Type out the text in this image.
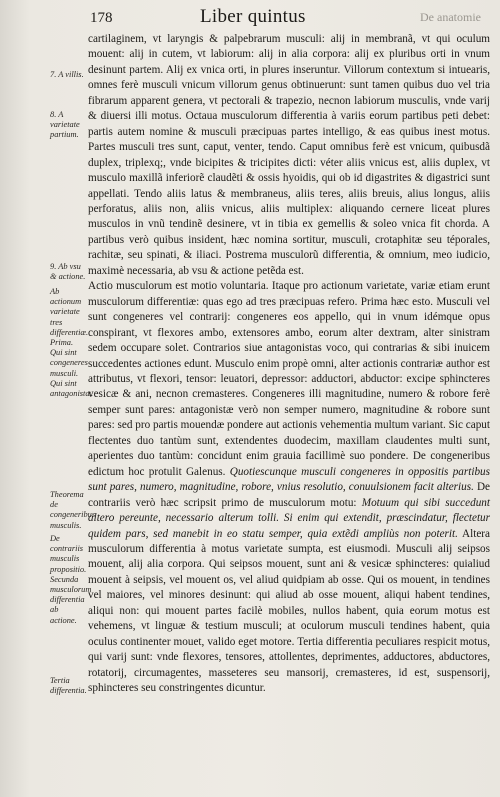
178	Liber quintus	De anatomie
7. A villis.
8. A varietate partium.
9. Ab vsu & actione.
Ab actionum varietate tres differentiæ. Prima. Qui sint congeneres musculi. Qui sint antagonistæ.
Theorema de congeneribus musculis.
De contrariis musculis propositio. Secunda musculorum differentia ab actione.
Tertia differentia.

cartilaginem, vt laryngis & palpebrarum musculi: alij in membranã, vt qui oculum mouent: alij in cutem, vt labiorum: alij in alia corpora: alij ex pluribus orti in vnum desinunt partem. Alij ex vnica orti, in plures inseruntur. Villorum contextum si intuearis, omnes ferè musculi vnicum villorum genus obtinuerunt: sunt tamen quibus duo vel tria fibrarum apparent genera, vt pectorali & trapezio, necnon labiorum musculis, vnde varij & diuersi illi motus. Octaua musculorum differentia à variis eorum partibus peti debet: partis autem nomine & musculi præcipuas partes intelligo, & eas quibus inest motus. Partes musculi tres sunt, caput, venter, tendo. Caput omnibus ferè est vnicum, quibusdã duplex, triplexq;, vnde bicipites & tricipites dicti: véter aliis vnicus est, aliis duplex, vt musculo maxillã inferiorẽ claudẽti & ossis hyoidis, qui ob id digastrites & digastrici sunt appellati. Tendo aliis latus & membraneus, aliis teres, aliis breuis, alius longus, aliis perforatus, aliis non, aliis vnicus, aliis multiplex: aliquando cernere liceat plures musculos in vnũ tendinẽ desinere, vt in tibia ex gemellis & soleo vnica fit chorda. A partibus verò quibus insident, hæc nomina sortitur, musculi, crotaphitæ seu téporales, rachitæ, seu spinati, & iliaci. Postrema musculorũ differentia, & omnium, meo iudicio, maximè necessaria, ab vsu & actione petẽda est.

Actio musculorum est motio voluntaria. Itaque pro actionum varietate, variæ etiam erunt musculorum differentiæ: quas ego ad tres præcipuas refero. Prima hæc esto. Musculi vel sunt congeneres vel contrarij: congeneres eos appello, qui in vnum idémque opus conspirant, vt flexores ambo, extensores ambo, eorum alter dextram, alter sinistram sedem occupare solet. Contrarios siue antagonistas voco, qui contrarias & sibi inuicem succedentes actiones edunt. Musculo enim propè omni, alter actionis contrariæ author est attributus, vt flexori, tensor: leuatori, depressor: adductori, abductor: excipe sphincteres vesicæ & ani, necnon cremasteres. Congeneres illi magnitudine, numero & robore ferè semper sunt pares: antagonistæ verò non semper numero, magnitudine & robore sunt pares: sed pro partis mouendæ pondere aut actionis vehementia multum variant. Sic caput flectentes duo tantùm sunt, extendentes duodecim, maxillam claudentes multi sunt, aperientes duo tantùm: concidunt enim grauia facillimè suo pondere. De congeneribus edictum hoc protulit Galenus. Quotiescunque musculi congeneres in oppositis partibus sunt pares, numero, magnitudine, robore, vnius resolutio, conuulsionem facit alterius. De contrariis verò hæc scripsit primo de musculorum motu: Motuum qui sibi succedunt altero pereunte, necessario alterum tolli. Si enim qui extendit, præscindatur, flectetur quidem pars, sed manebit in eo statu semper, quia extẽdi ampliùs non poterit. Altera musculorum differentia à motus varietate sumpta, est eiusmodi. Musculi alij seipsos mouent, alij alia corpora. Qui seipsos mouent, sunt ani & vesicæ sphincteres: quialiud mouent à seipsis, vel mouent os, vel aliud quidpiam ab osse. Qui os mouent, in tendines vel maiores, vel minores desinunt: qui aliud ab osse mouent, aliqui habent tendines, aliqui non: qui mouent partes facilè mobiles, nullos habent, quia eorum motus est vehemens, vt linguæ & testium musculi; at oculorum musculi tendines habent, quia oculus continenter mouet, valido eget motore. Tertia differentia peculiares respicit motus, qui varij sunt: vnde flexores, tensores, attollentes, deprimentes, adductores, abductores, rotatorij, circumagentes, masseteres seu mansorij, cremasteres, id est, suspensorij, sphincteres seu constringentes dicuntur.
